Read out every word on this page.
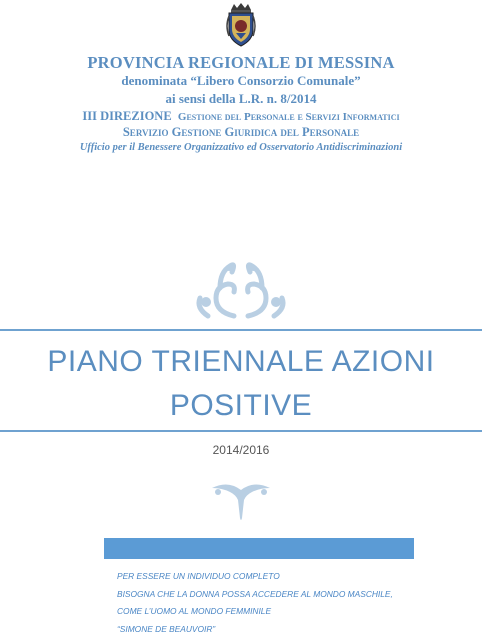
PROVINCIA REGIONALE DI MESSINA
denominata “Libero Consorzio Comunale”
ai sensi della L.R. n. 8/2014
III DIREZIONE Gestione del Personale e Servizi Informatici
Servizio Gestione Giuridica del Personale
Ufficio per il Benessere Organizzativo ed Osservatorio Antidiscriminazioni
PIANO TRIENNALE AZIONI
POSITIVE
2014/2016
PER ESSERE UN INDIVIDUO COMPLETO
BISOGNA CHE LA DONNA POSSA ACCEDERE AL MONDO MASCHILE,
COME L’UOMO AL MONDO FEMMINILE
“SIMONE DE BEAUVOIR”
